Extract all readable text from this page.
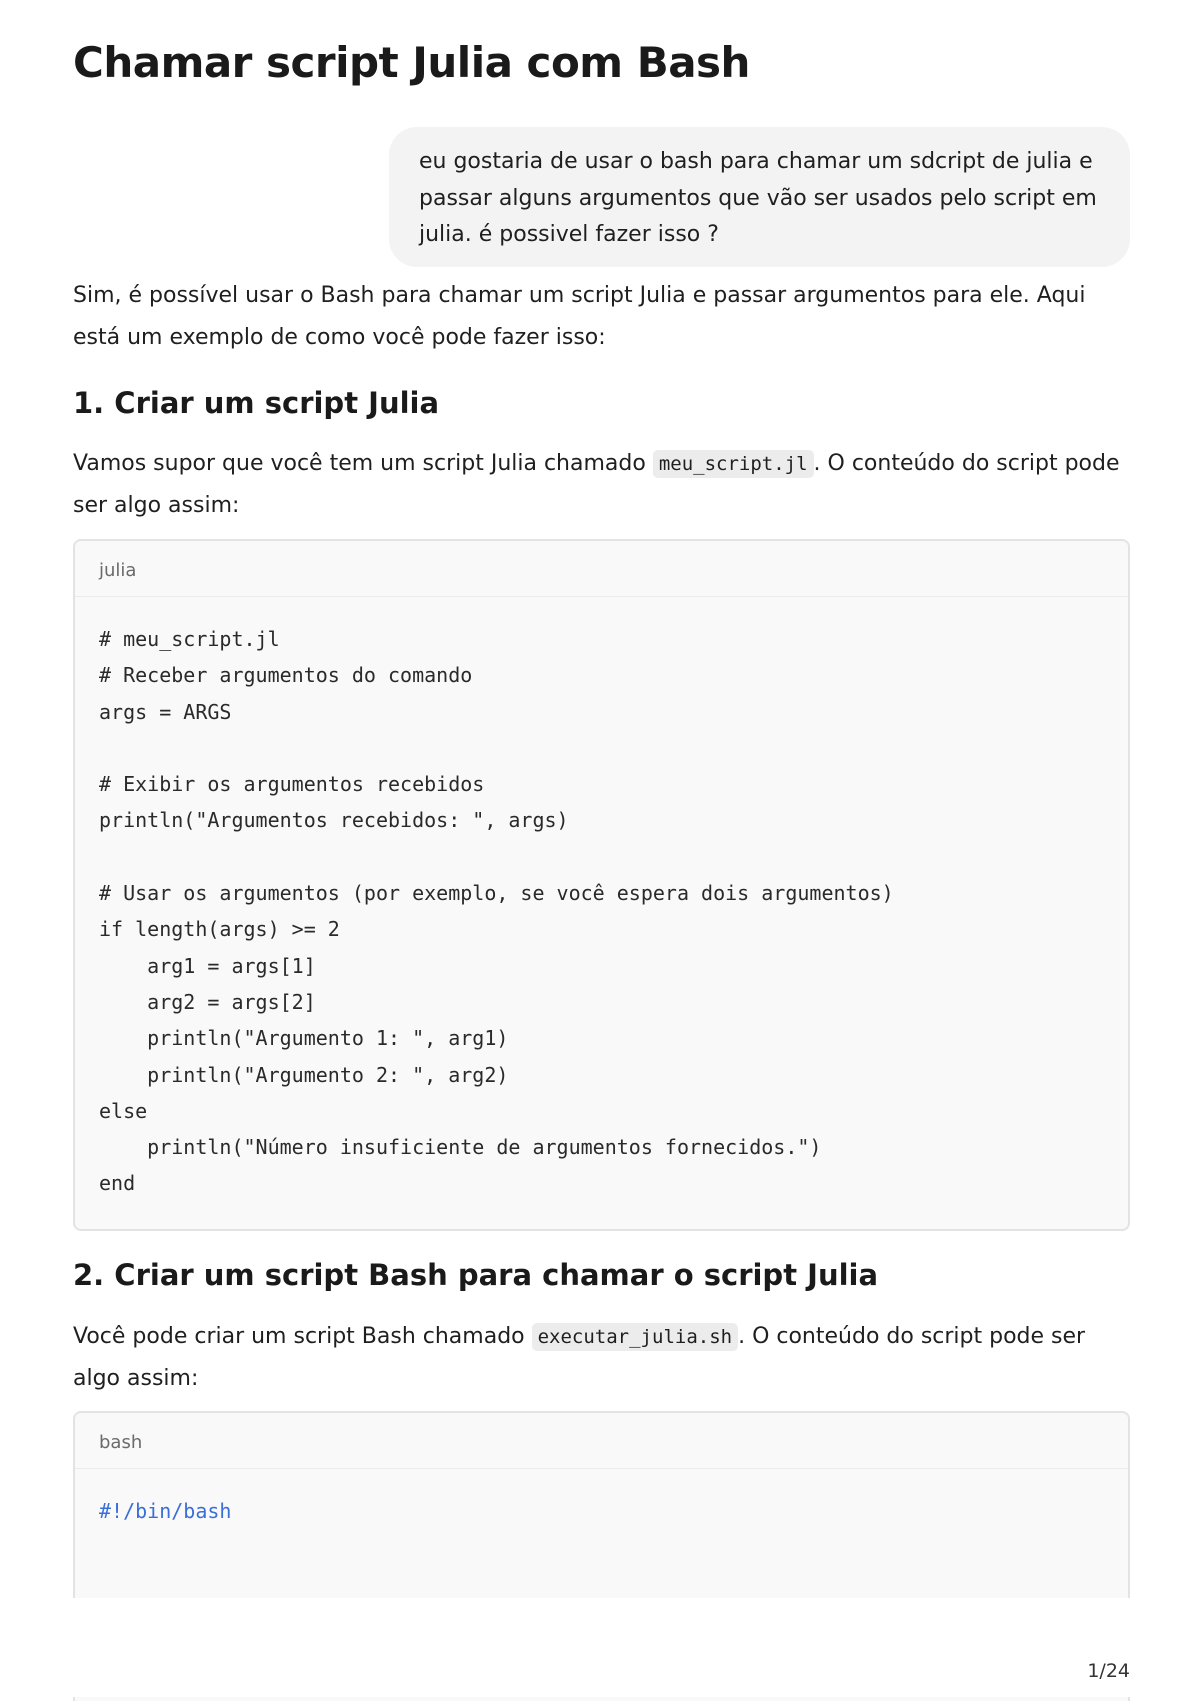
Chamar script Julia com Bash
eu gostaria de usar o bash para chamar um sdcript de julia e passar alguns argumentos que vão ser usados pelo script em julia. é possivel fazer isso ?

Sim, é possível usar o Bash para chamar um script Julia e passar argumentos para ele. Aqui está um exemplo de como você pode fazer isso:

1. Criar um script Julia

Vamos supor que você tem um script Julia chamado meu_script.jl . O conteúdo do script pode ser algo assim:

julia
# meu_script.jl
# Receber argumentos do comando
args = ARGS

# Exibir os argumentos recebidos
println("Argumentos recebidos: ", args)

# Usar os argumentos (por exemplo, se você espera dois argumentos)
if length(args) >= 2
arg1 = args[1]
arg2 = args[2]
println("Argumento 1: ", arg1)
println("Argumento 2: ", arg2)
else
println("Número insuficiente de argumentos fornecidos.")
end
2. Criar um script Bash para chamar o script Julia

Você pode criar um script Bash chamado executar_julia.sh . O conteúdo do script pode ser algo assim:

bash
#!/bin/bash
1/24
